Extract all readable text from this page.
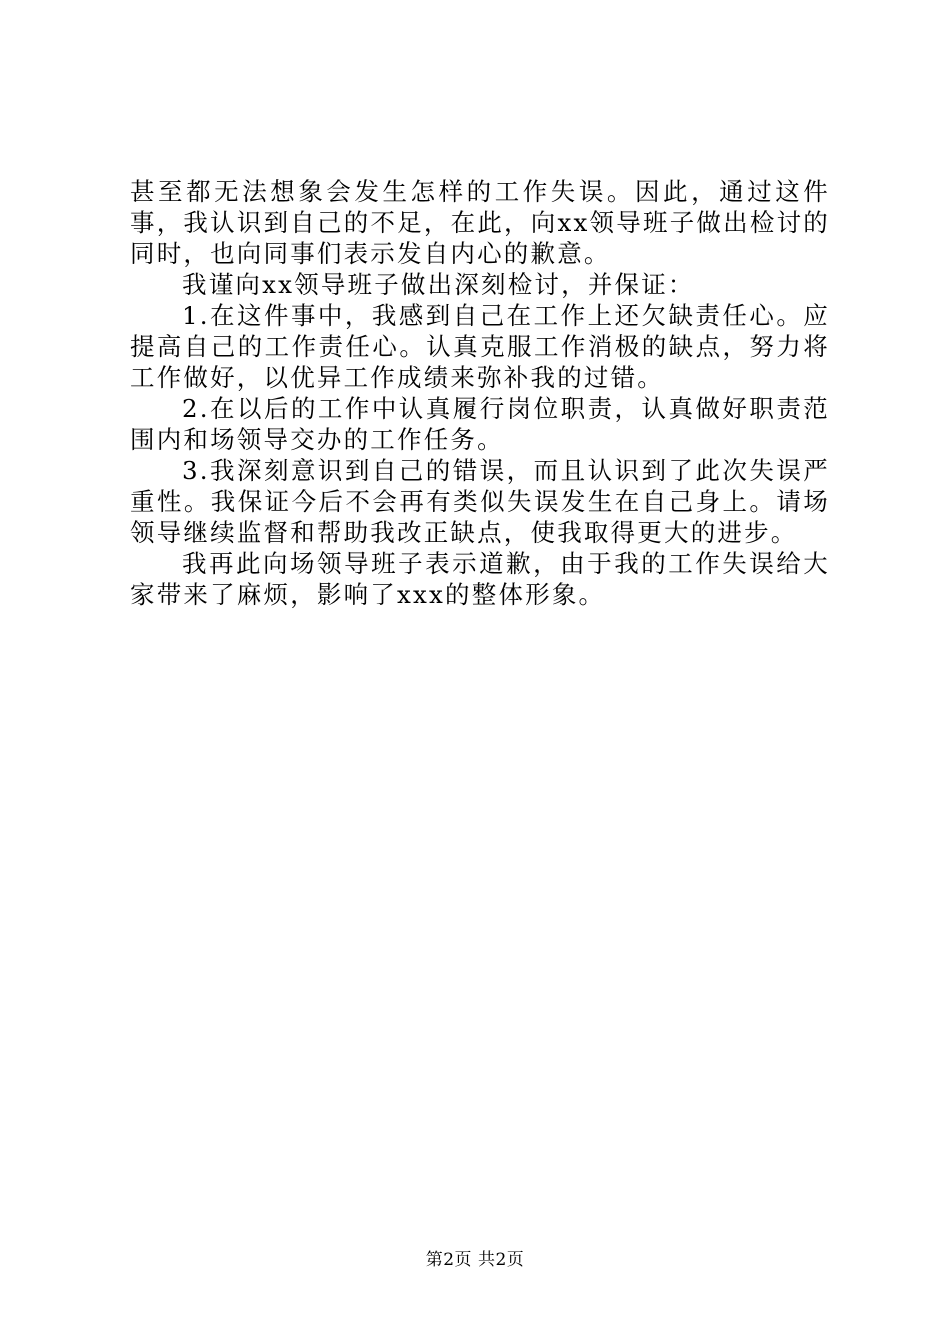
甚至都无法想象会发生怎样的工作失误。因此，通过这件事，我认识到自己的不足，在此，向xx领导班子做出检讨的同时，也向同事们表示发自内心的歉意。

我谨向xx领导班子做出深刻检讨，并保证：

1.在这件事中，我感到自己在工作上还欠缺责任心。应提高自己的工作责任心。认真克服工作消极的缺点，努力将工作做好，以优异工作成绩来弥补我的过错。

2.在以后的工作中认真履行岗位职责，认真做好职责范围内和场领导交办的工作任务。

3.我深刻意识到自己的错误，而且认识到了此次失误严重性。我保证今后不会再有类似失误发生在自己身上。请场领导继续监督和帮助我改正缺点，使我取得更大的进步。

我再此向场领导班子表示道歉，由于我的工作失误给大家带来了麻烦，影响了xxx的整体形象。

第2页 共2页
